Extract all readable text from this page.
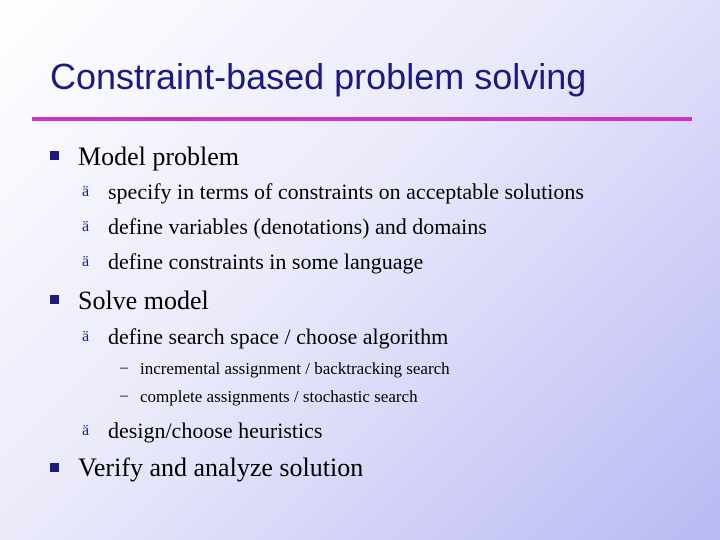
Constraint-based problem solving
Model problem
ä specify in terms of constraints on acceptable solutions
ä define variables (denotations) and domains
ä define constraints in some language
Solve model
ä define search space / choose algorithm
– incremental assignment / backtracking search
– complete assignments / stochastic search
ä design/choose heuristics
Verify and analyze solution
